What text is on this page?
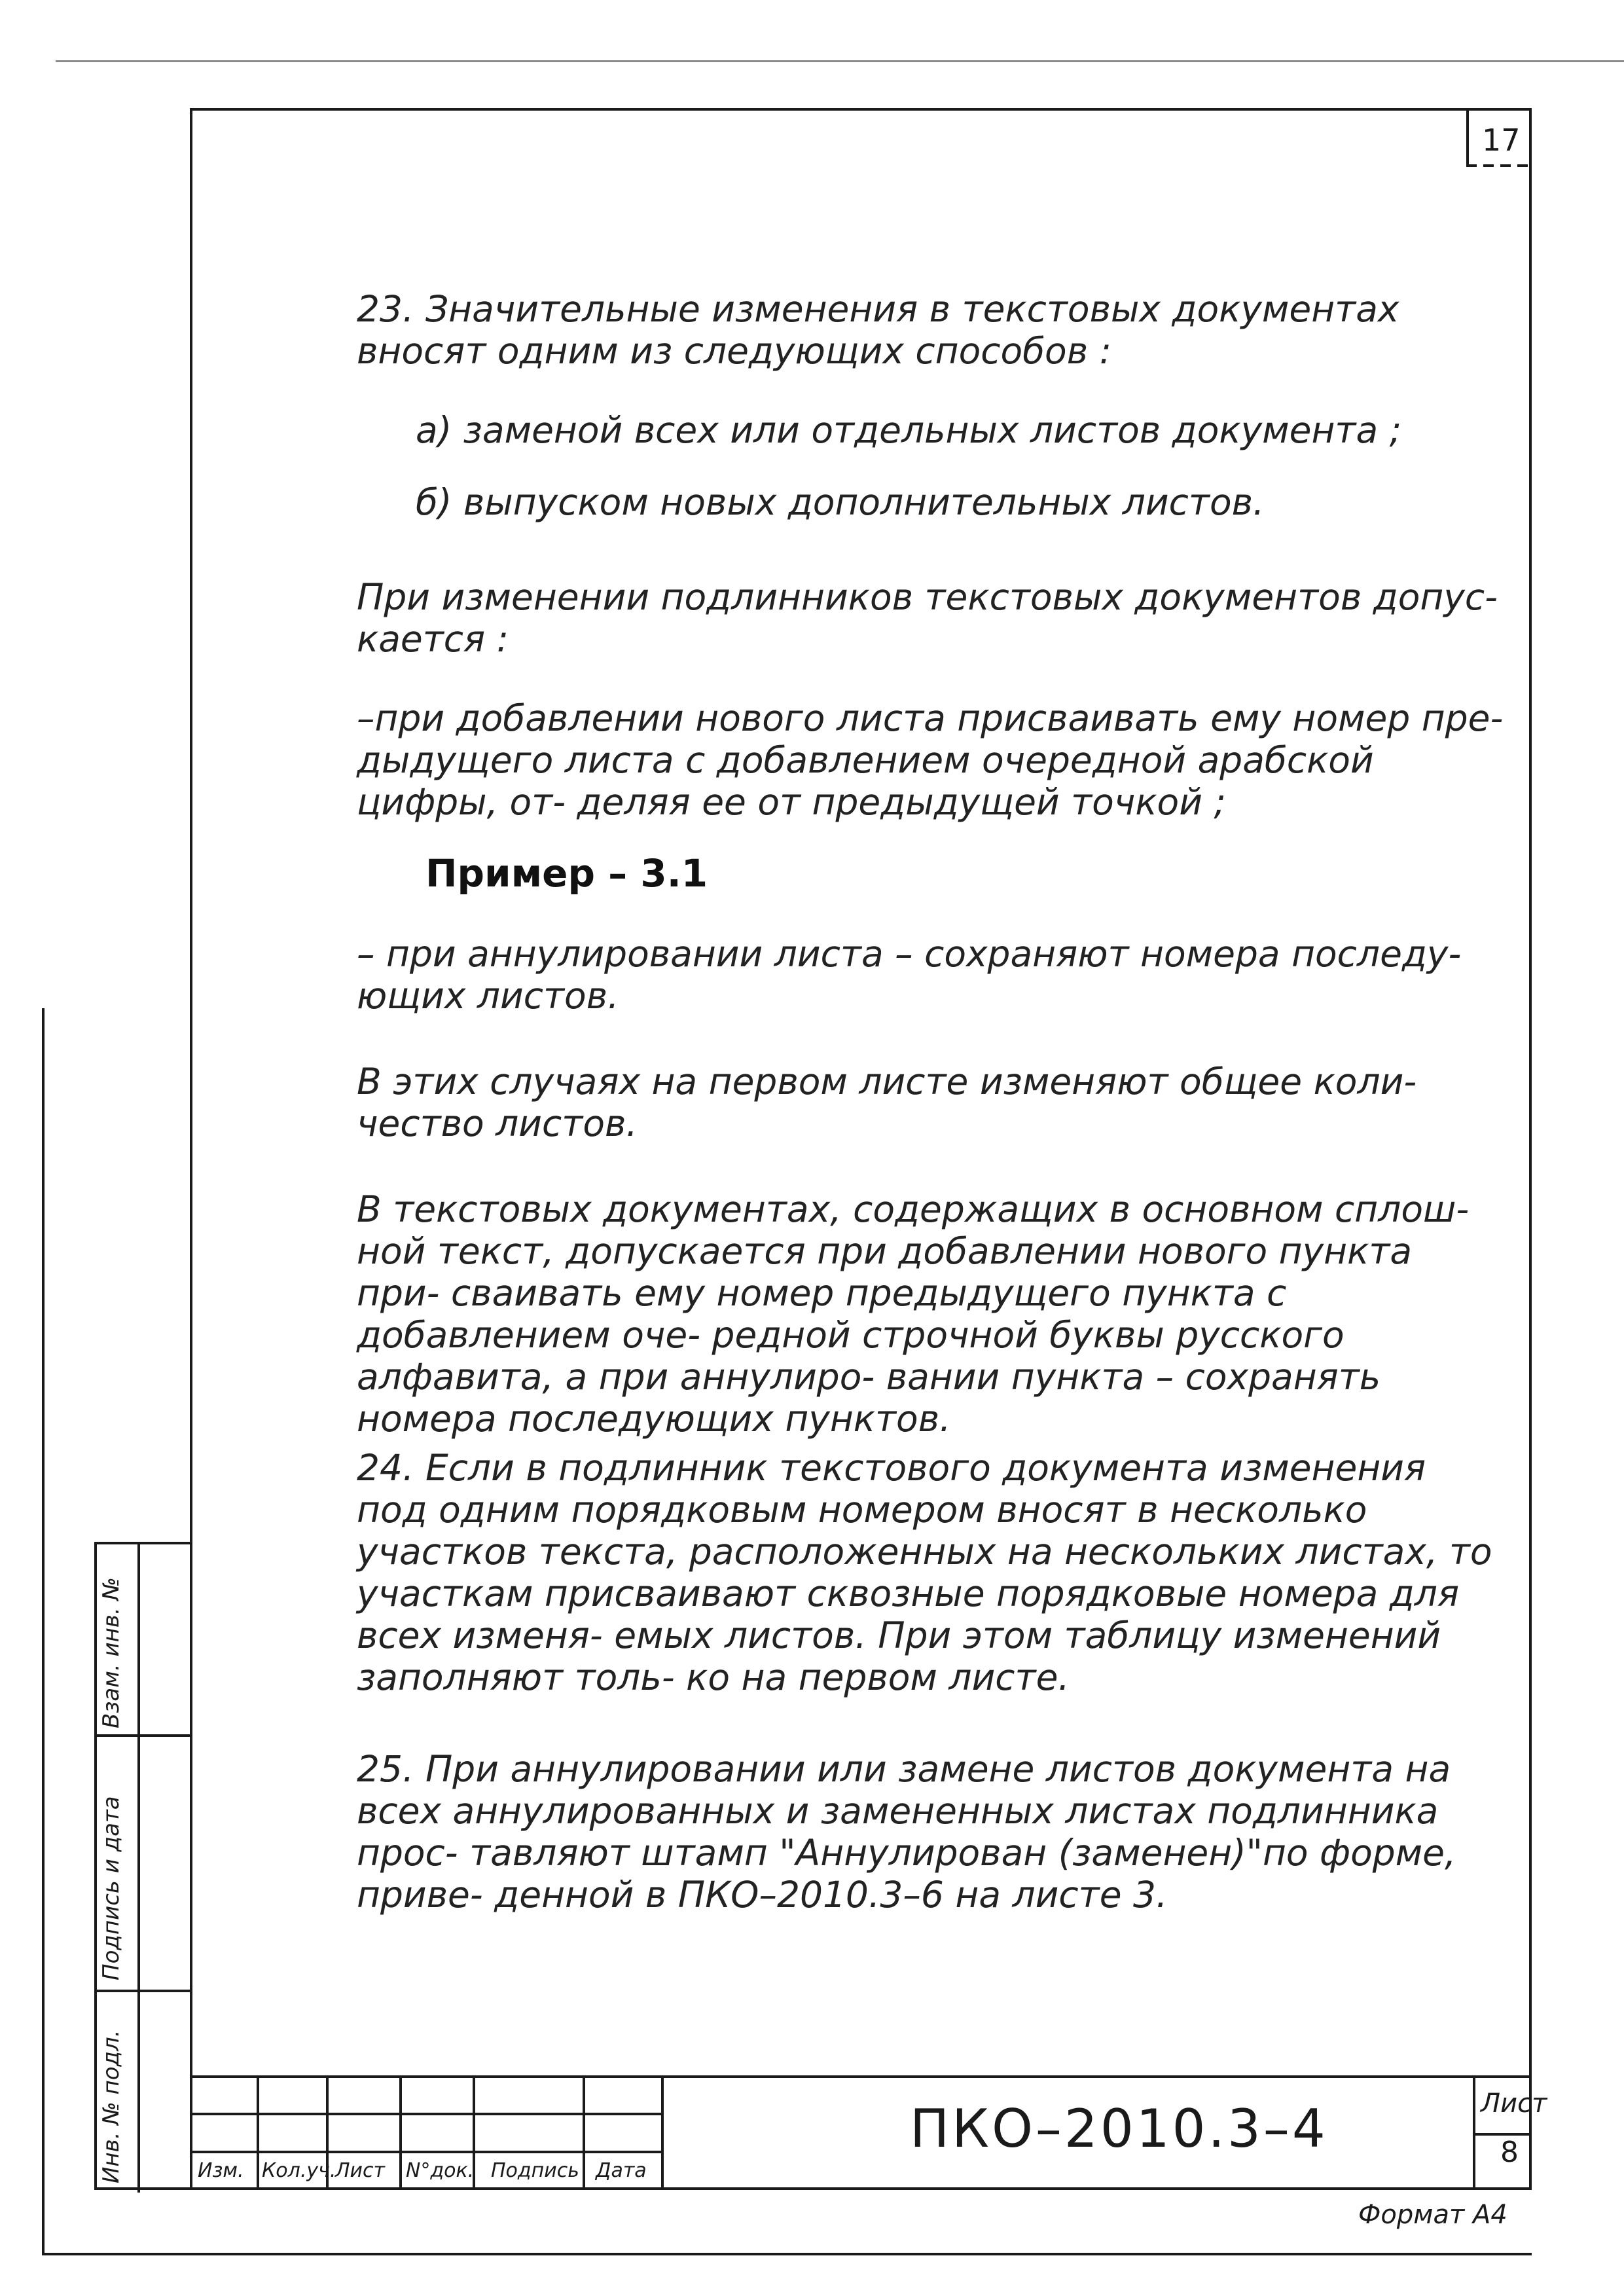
17
Взам. инв. №
Подпись и дата
Инв. № подл.

23. Значительные изменения в текстовых документах вносят одним из следующих способов :

а) заменой всех или отдельных листов документа ;
б) выпуском новых дополнительных листов.

При изменении подлинников текстовых документов допус- кается :

–при добавлении нового листа присваивать ему номер пре- дыдущего листа с добавлением очередной арабской цифры, от- деляя ее от предыдущей точкой ;

Пример – 3.1

– при аннулировании листа – сохраняют номера последу- ющих листов.

В этих случаях на первом листе изменяют общее коли- чество листов.

В текстовых документах, содержащих в основном сплош- ной текст, допускается при добавлении нового пункта при- сваивать ему номер предыдущего пункта с добавлением оче- редной строчной буквы русского алфавита, а при аннулиро- вании пункта – сохранять номера последующих пунктов.

24. Если в подлинник текстового документа изменения под одним порядковым номером вносят в несколько участков текста, расположенных на нескольких листах, то участкам присваивают сквозные порядковые номера для всех изменя- емых листов. При этом таблицу изменений заполняют толь- ко на первом листе.

25. При аннулировании или замене листов документа на всех аннулированных и замененных листах подлинника прос- тавляют штамп "Аннулирован (заменен)"по форме, приве- денной в ПКО–2010.3–6 на листе 3.

Изм. Кол.уч.
Лист N°док. Подпись Дата
ПКО–2010.3–4	Лист
8
Формат А4
